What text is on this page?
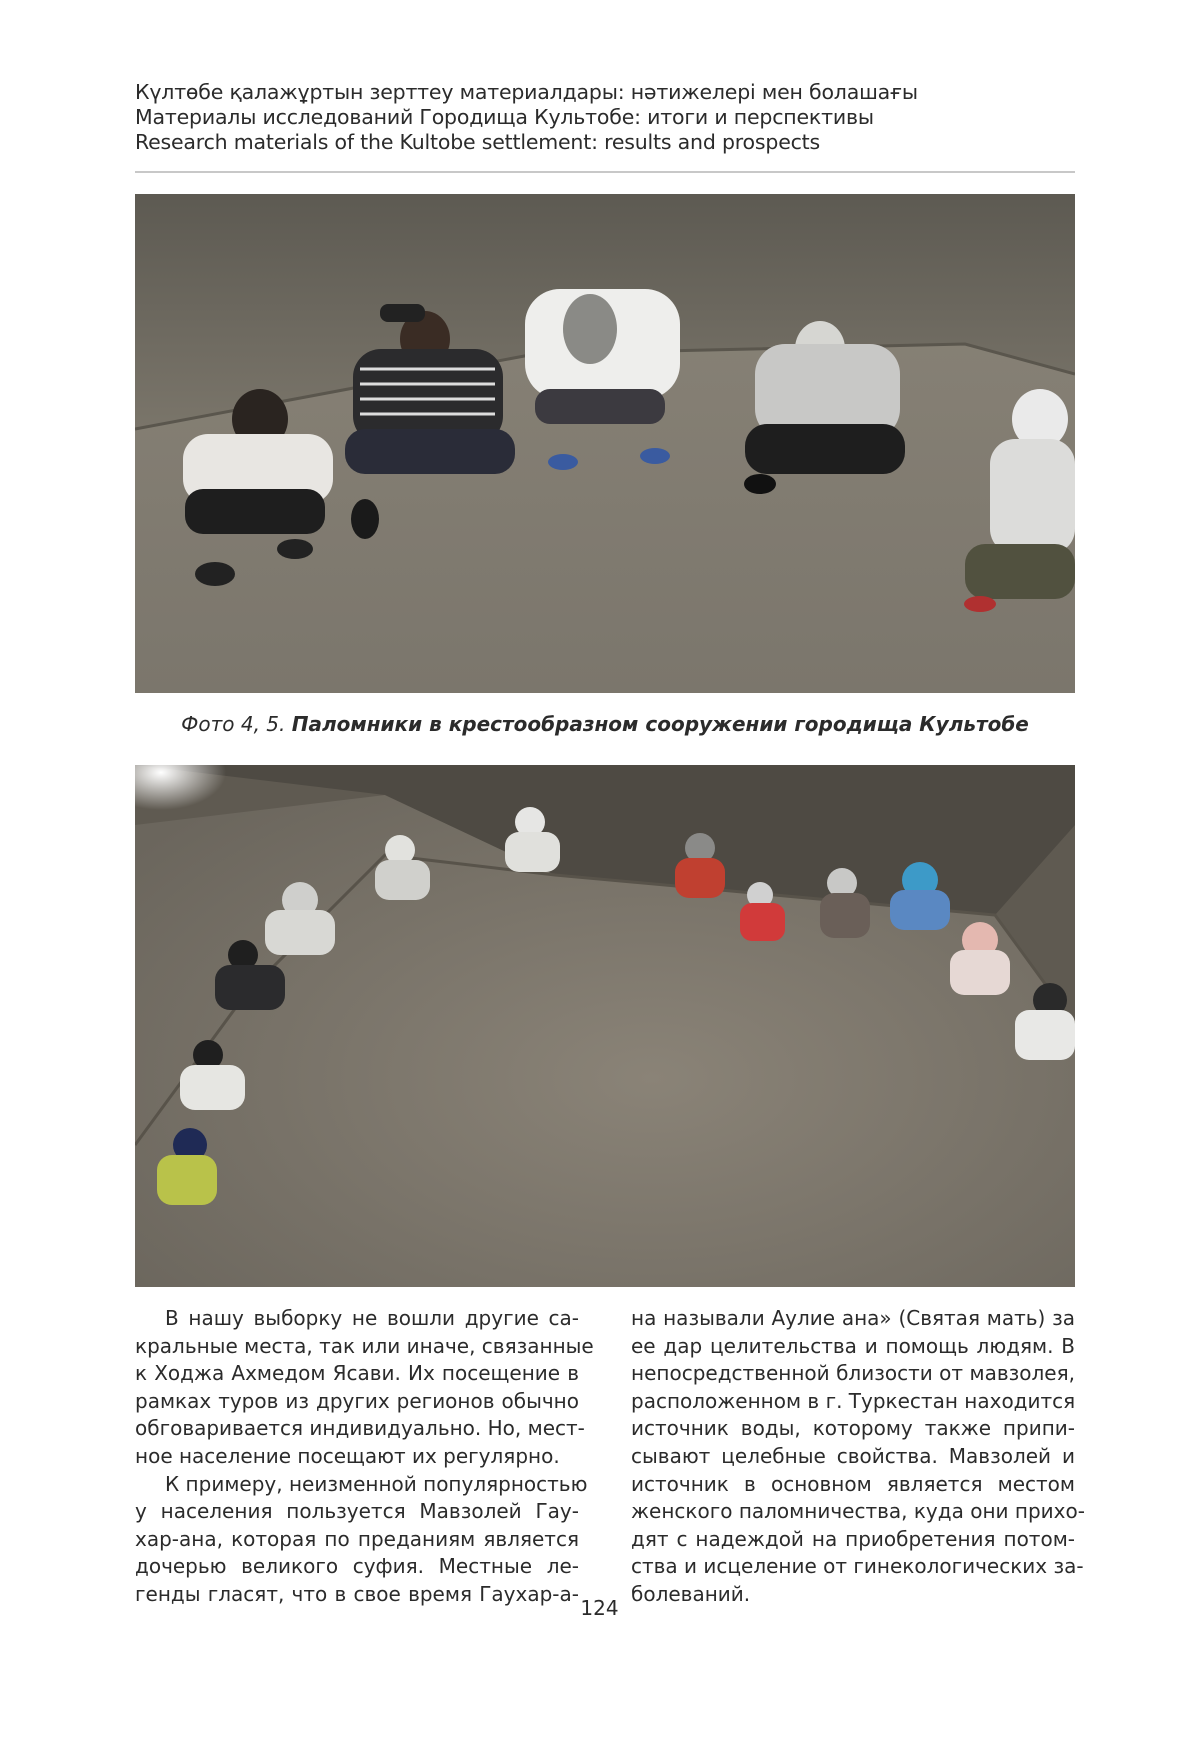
Күлтөбе қалажұртын зерттеу материалдары: нәтижелері мен болашағы
Материалы исследований Городища Культобе: итоги и перспективы
Research materials of the Kultobe settlement: results and prospects
Фото 4, 5. Паломники в крестообразном сооружении городища Культобе
В нашу выборку не вошли другие са-
кральные места, так или иначе, связанные
к Ходжа Ахмедом Ясави. Их посещение в
рамках туров из других регионов обычно
обговаривается индивидуально. Но, мест-
ное население посещают их регулярно.
К примеру, неизменной популярностью
у населения пользуется Мавзолей Гау-
хар-ана, которая по преданиям является
дочерью великого суфия. Местные ле-
генды гласят, что в свое время Гаухар-а-
на называли Аулие ана» (Святая мать) за
ее дар целительства и помощь людям. В
непосредственной близости от мавзолея,
расположенном в г. Туркестан находится
источник воды, которому также припи-
сывают целебные свойства. Мавзолей и
источник в основном является местом
женского паломничества, куда они прихо-
дят с надеждой на приобретения потом-
ства и исцеление от гинекологических за-
болеваний.
124
